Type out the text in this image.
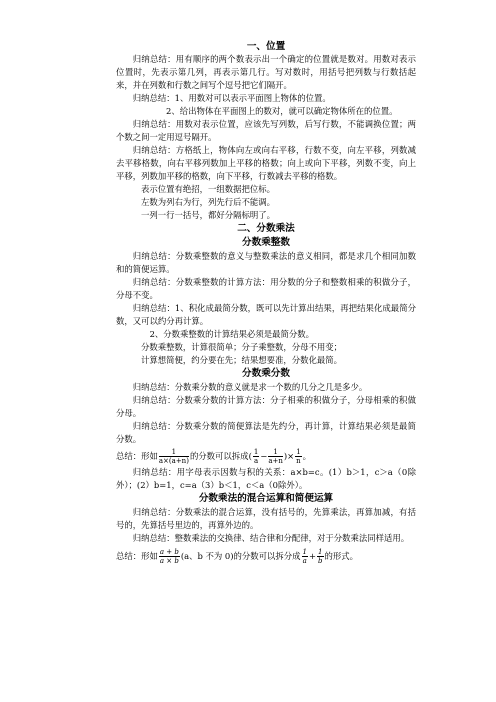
一、位置

归纳总结：用有顺序的两个数表示出一个确定的位置就是数对。用数对表示位置时，先表示第几列，再表示第几行。写对数时，用括号把列数与行数括起来，并在列数和行数之间写个逗号把它们隔开。

归纳总结：1、用数对可以表示平面图上物体的位置。

2、给出物体在平面图上的数对，就可以确定物体所在的位置。

归纳总结：用数对表示位置，应该先写列数，后写行数，不能调换位置；两个数之间一定用逗号隔开。

归纳总结：方格纸上，物体向左或向右平移，行数不变，向左平移，列数减去平移格数，向右平移列数加上平移的格数；向上或向下平移，列数不变，向上平移，列数加平移的格数，向下平移，行数减去平移的格数。

表示位置有绝招，一组数据把位标。

左数为列右为行，列先行后不能调。

一列一行一括号，都好分隔标明了。

二、分数乘法
分数乘整数

归纳总结：分数乘整数的意义与整数乘法的意义相同，都是求几个相同加数和的简便运算。

归纳总结：分数乘整数的计算方法：用分数的分子和整数相乘的积做分子，分母不变。

归纳总结：1、积化成最简分数，既可以先计算出结果，再把结果化成最简分数，又可以约分再计算。

2、分数乘整数的计算结果必须是最简分数。

分数乘整数，计算很简单；分子乘整数，分母不用变；

计算想简便，约分要在先；结果想要准，分数化最简。

分数乘分数

归纳总结：分数乘分数的意义就是求一个数的几分之几是多少。

归纳总结：分数乘分数的计算方法：分子相乘的积做分子，分母相乘的积做分母。

归纳总结：分数乘分数的简便算法是先约分，再计算，计算结果必须是最简分数。

总结：形如 $\frac{1}{a\times(a+n)}$ 的分数可以拆成( $\frac{1}{a} - \frac{1}{a+n}$ )× $\frac{1}{n}$ 。

归纳总结：用字母表示因数与积的关系：a×b=c。(1）b＞1，c＞a（0除外）；(2）b=1，c=a（3）b＜1，c＜a（0除外）。

分数乘法的混合运算和简便运算

归纳总结：分数乘法的混合运算，没有括号的，先算乘法，再算加减，有括号的，先算括号里边的，再算外边的。

归纳总结：整数乘法的交换律、结合律和分配律，对于分数乘法同样适用。

总结：形如 $\frac{a + b}{a \times b} (a$、b 不为 0)的分数可以拆分成 $\frac{1}{a} + \frac{1}{b}$ 的形式。
